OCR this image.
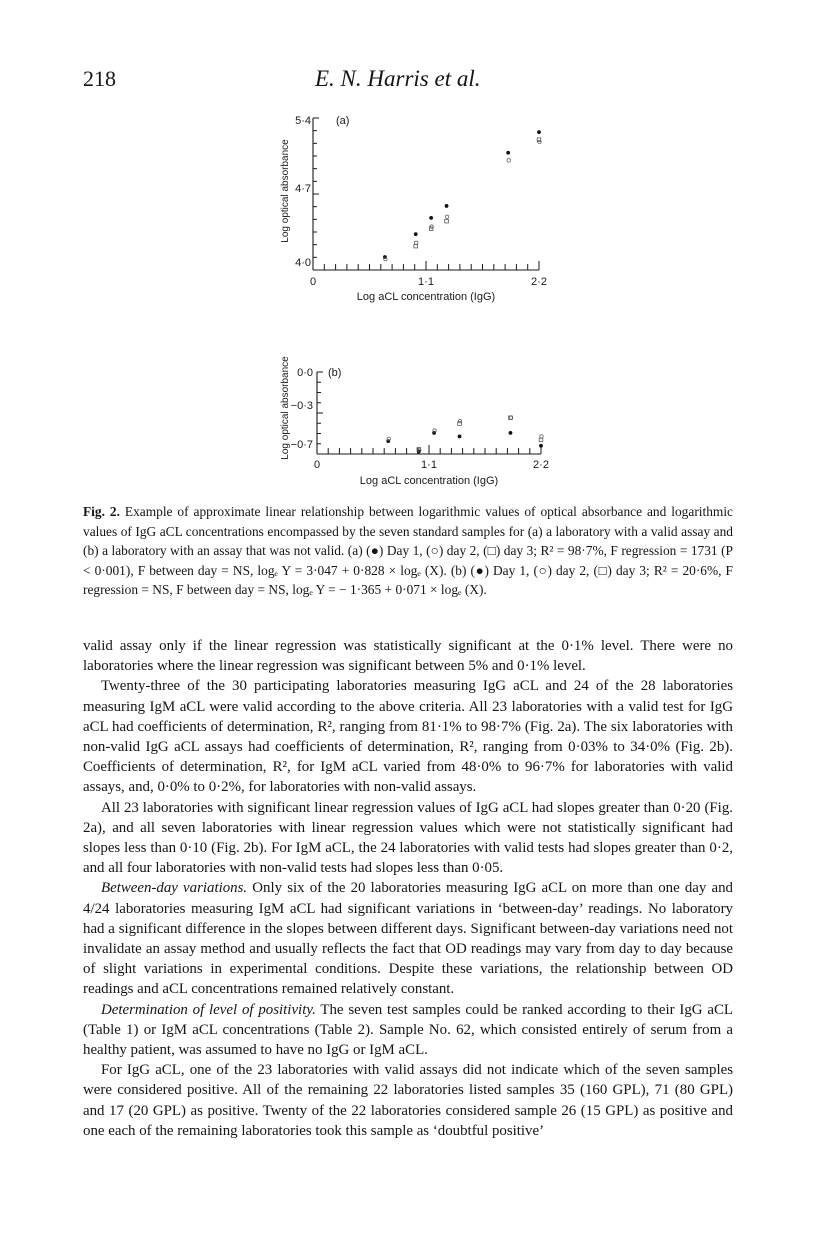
218	E. N. Harris et al.
Log optical absorbance
(a)
5·4
4·7
4·0
0	1·1	2·2
Log aCL concentration (IgG)
Log optical absorbance	(b)
0·0
−0·3
−0·7
0	1·1	2·2
Log aCL concentration (IgG)
Fig. 2. Example of approximate linear relationship between logarithmic values of optical absorbance and logarithmic values of IgG aCL concentrations encompassed by the seven standard samples for (a) a laboratory with a valid assay and (b) a laboratory with an assay that was not valid. (a) (●) Day 1, (○) day 2, (□) day 3; R² = 98·7%, F regression = 1731 (P < 0·001), F between day = NS, logₑ Y = 3·047 + 0·828 × logₑ (X). (b) (●) Day 1, (○) day 2, (□) day 3; R² = 20·6%, F regression = NS, F between day = NS, logₑ Y = − 1·365 + 0·071 × logₑ (X).

valid assay only if the linear regression was statistically significant at the 0·1% level. There were no laboratories where the linear regression was significant between 5% and 0·1% level.

Twenty-three of the 30 participating laboratories measuring IgG aCL and 24 of the 28 laboratories measuring IgM aCL were valid according to the above criteria. All 23 laboratories with a valid test for IgG aCL had coefficients of determination, R², ranging from 81·1% to 98·7% (Fig. 2a). The six laboratories with non-valid IgG aCL assays had coefficients of determination, R², ranging from 0·03% to 34·0% (Fig. 2b). Coefficients of determination, R², for IgM aCL varied from 48·0% to 96·7% for laboratories with valid assays, and, 0·0% to 0·2%, for laboratories with non-valid assays.

All 23 laboratories with significant linear regression values of IgG aCL had slopes greater than 0·20 (Fig. 2a), and all seven laboratories with linear regression values which were not statistically significant had slopes less than 0·10 (Fig. 2b). For IgM aCL, the 24 laboratories with valid tests had slopes greater than 0·2, and all four laboratories with non-valid tests had slopes less than 0·05.

Between-day variations. Only six of the 20 laboratories measuring IgG aCL on more than one day and 4/24 laboratories measuring IgM aCL had significant variations in ‘between-day’ readings. No laboratory had a significant difference in the slopes between different days. Significant between-day variations need not invalidate an assay method and usually reflects the fact that OD readings may vary from day to day because of slight variations in experimental conditions. Despite these variations, the relationship between OD readings and aCL concentrations remained relatively constant.

Determination of level of positivity. The seven test samples could be ranked according to their IgG aCL (Table 1) or IgM aCL concentrations (Table 2). Sample No. 62, which consisted entirely of serum from a healthy patient, was assumed to have no IgG or IgM aCL.

For IgG aCL, one of the 23 laboratories with valid assays did not indicate which of the seven samples were considered positive. All of the remaining 22 laboratories listed samples 35 (160 GPL), 71 (80 GPL) and 17 (20 GPL) as positive. Twenty of the 22 laboratories considered sample 26 (15 GPL) as positive and one each of the remaining laboratories took this sample as ‘doubtful positive’
